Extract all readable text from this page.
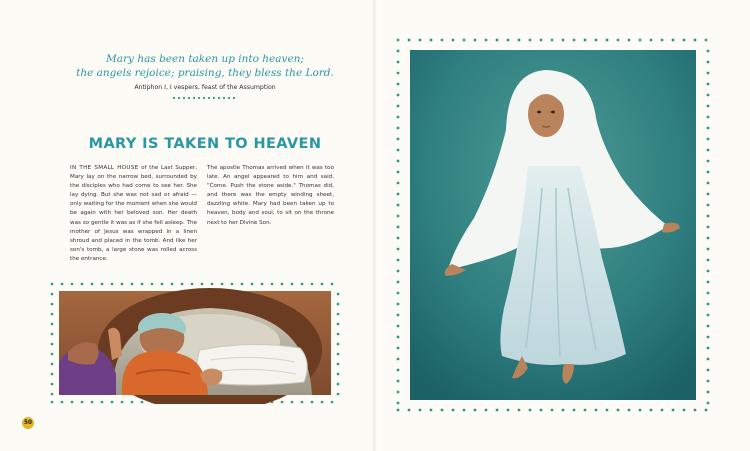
Mary has been taken up into heaven;
the angels rejoice; praising, they bless the Lord.
Antiphon I, I vespers, feast of the Assumption
MARY IS TAKEN TO HEAVEN
IN THE SMALL HOUSE of the Last Supper, Mary lay on the narrow bed, surrounded by the disciples who had come to see her. She lay dying. But she was not sad or afraid — only waiting for the moment when she would be again with her beloved son. Her death was so gentle it was as if she fell asleep. The mother of Jesus was wrapped in a linen shroud and placed in the tomb. And like her son's tomb, a large stone was rolled across the entrance.
The apostle Thomas arrived when it was too late. An angel appeared to him and said, "Come. Push the stone aside." Thomas did, and there was the empty winding sheet, dazzling white. Mary had been taken up to heaven, body and soul, to sit on the throne next to her Divine Son.
50
